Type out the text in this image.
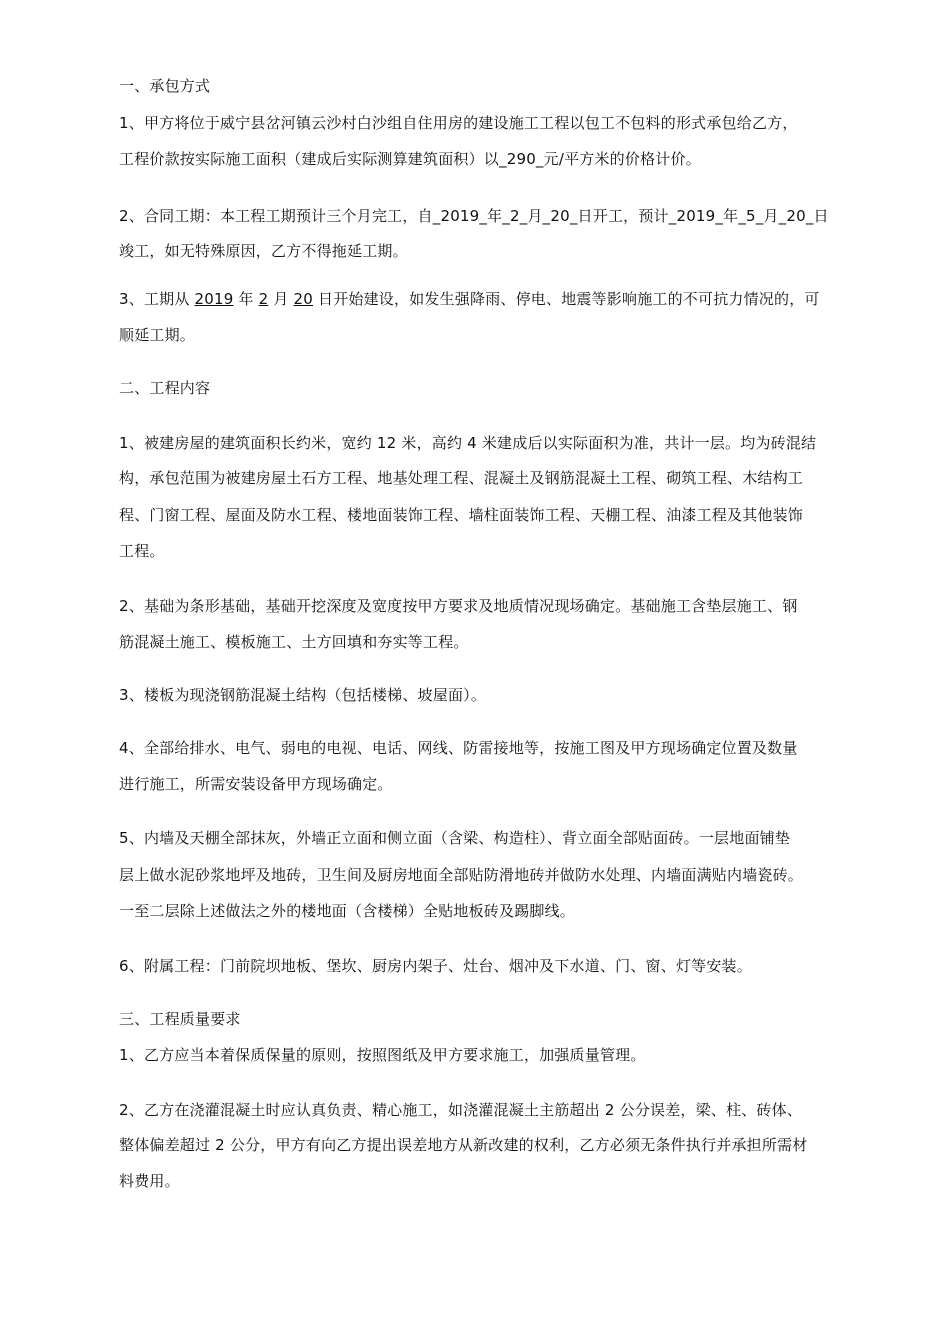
一、承包方式
1、甲方将位于威宁县岔河镇云沙村白沙组自住用房的建设施工工程以包工不包料的形式承包给乙方，
工程价款按实际施工面积（建成后实际测算建筑面积）以_290_元/平方米的价格计价。
2、合同工期：本工程工期预计三个月完工，自_2019_年_2_月_20_日开工，预计_2019_年_5_月_20_日
竣工，如无特殊原因，乙方不得拖延工期。
3、工期从 2019 年 2 月 20 日开始建设，如发生强降雨、停电、地震等影响施工的不可抗力情况的，可
顺延工期。
二、工程内容
1、被建房屋的建筑面积长约米，宽约 12 米，高约 4 米建成后以实际面积为准，共计一层。均为砖混结
构，承包范围为被建房屋土石方工程、地基处理工程、混凝土及钢筋混凝土工程、砌筑工程、木结构工
程、门窗工程、屋面及防水工程、楼地面装饰工程、墙柱面装饰工程、天棚工程、油漆工程及其他装饰
工程。
2、基础为条形基础，基础开挖深度及宽度按甲方要求及地质情况现场确定。基础施工含垫层施工、钢
筋混凝土施工、模板施工、土方回填和夯实等工程。
3、楼板为现浇钢筋混凝土结构（包括楼梯、坡屋面）。
4、全部给排水、电气、弱电的电视、电话、网线、防雷接地等，按施工图及甲方现场确定位置及数量
进行施工，所需安装设备甲方现场确定。
5、内墙及天棚全部抹灰，外墙正立面和侧立面（含梁、构造柱）、背立面全部贴面砖。一层地面铺垫
层上做水泥砂浆地坪及地砖，卫生间及厨房地面全部贴防滑地砖并做防水处理、内墙面满贴内墙瓷砖。
一至二层除上述做法之外的楼地面（含楼梯）全贴地板砖及踢脚线。
6、附属工程：门前院坝地板、堡坎、厨房内架子、灶台、烟冲及下水道、门、窗、灯等安装。
三、工程质量要求
1、乙方应当本着保质保量的原则，按照图纸及甲方要求施工，加强质量管理。
2、乙方在浇灌混凝土时应认真负责、精心施工，如浇灌混凝土主筋超出 2 公分误差，梁、柱、砖体、
整体偏差超过 2 公分，甲方有向乙方提出误差地方从新改建的权利，乙方必须无条件执行并承担所需材
料费用。
